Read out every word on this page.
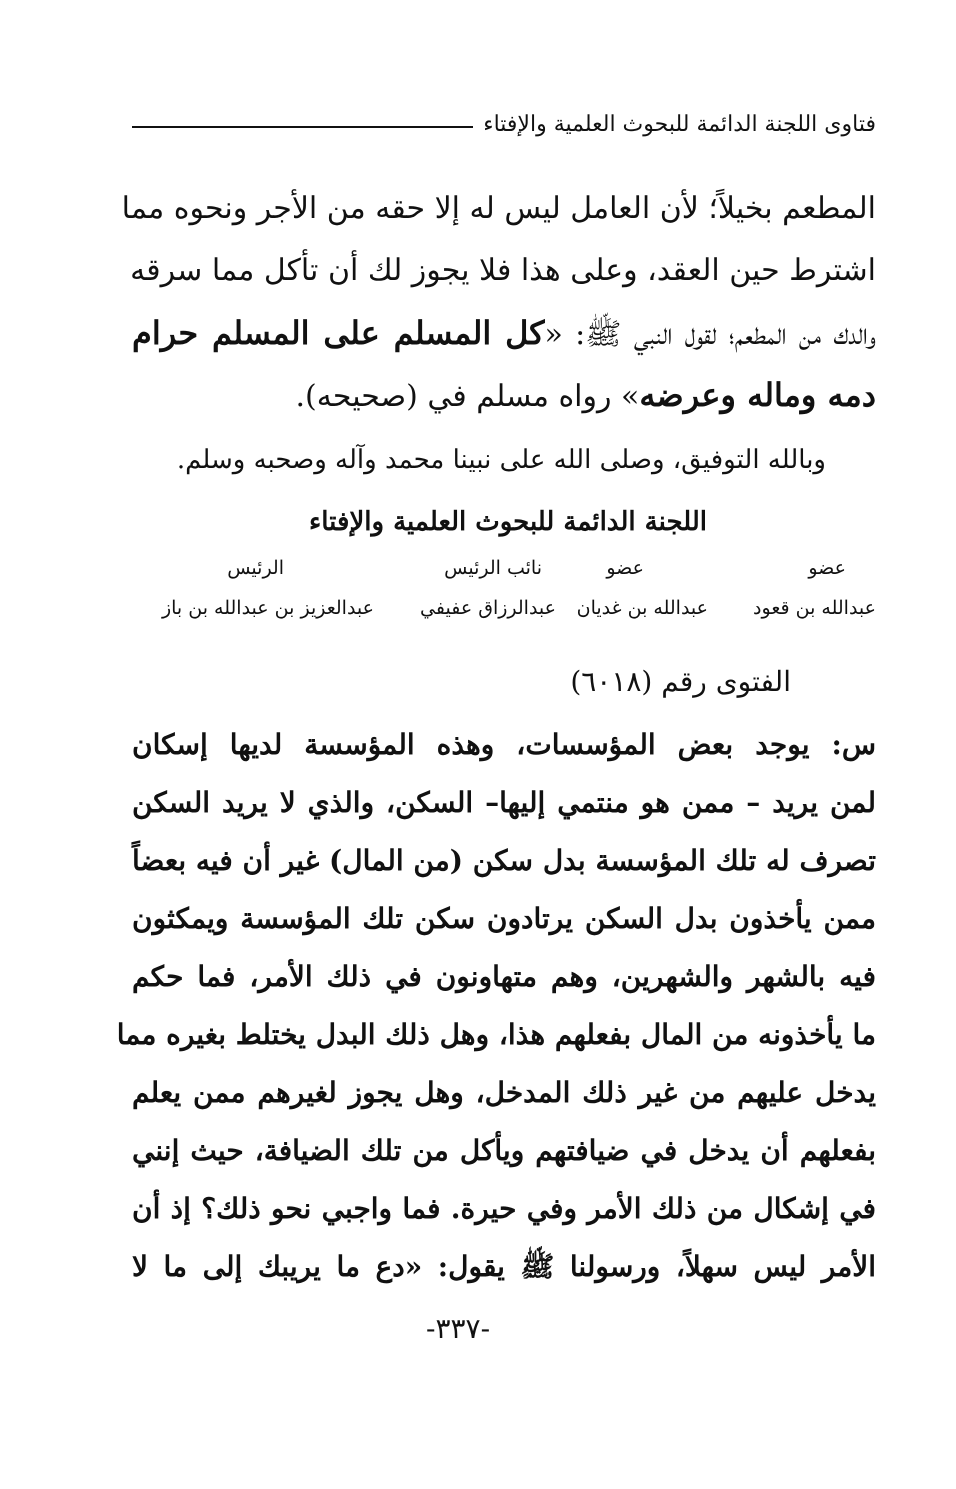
فتاوى اللجنة الدائمة للبحوث العلمية والإفتاء
المطعم بخيلاً؛ لأن العامل ليس له إلا حقه من الأجر ونحوه مما
اشترط حين العقد، وعلى هذا فلا يجوز لك أن تأكل مما سرقه
والدك من المطعم؛ لقول النبي ﷺ: «كل المسلم على المسلم حرام
دمه وماله وعرضه» رواه مسلم في (صحيحه).
وبالله التوفيق، وصلى الله على نبينا محمد وآله وصحبه وسلم.
اللجنة الدائمة للبحوث العلمية والإفتاء
عضو
عبدالله بن قعود
عضو
عبدالله بن غديان
نائب الرئيس
عبدالرزاق عفيفي
الرئيس
عبدالعزيز بن عبدالله بن باز
الفتوى رقم (٦٠١٨)
س: يوجد بعض المؤسسات، وهذه المؤسسة لديها إسكان
لمن يريد – ممن هو منتمي إليها– السكن، والذي لا يريد السكن
تصرف له تلك المؤسسة بدل سكن (من المال) غير أن فيه بعضاً
ممن يأخذون بدل السكن يرتادون سكن تلك المؤسسة ويمكثون
فيه بالشهر والشهرين، وهم متهاونون في ذلك الأمر، فما حكم
ما يأخذونه من المال بفعلهم هذا، وهل ذلك البدل يختلط بغيره مما
يدخل عليهم من غير ذلك المدخل، وهل يجوز لغيرهم ممن يعلم
بفعلهم أن يدخل في ضيافتهم ويأكل من تلك الضيافة، حيث إنني
في إشكال من ذلك الأمر وفي حيرة. فما واجبي نحو ذلك؟ إذ أن
الأمر ليس سهلاً، ورسولنا ﷺ يقول: «دع ما يريبك إلى ما لا
-٣٣٧-
